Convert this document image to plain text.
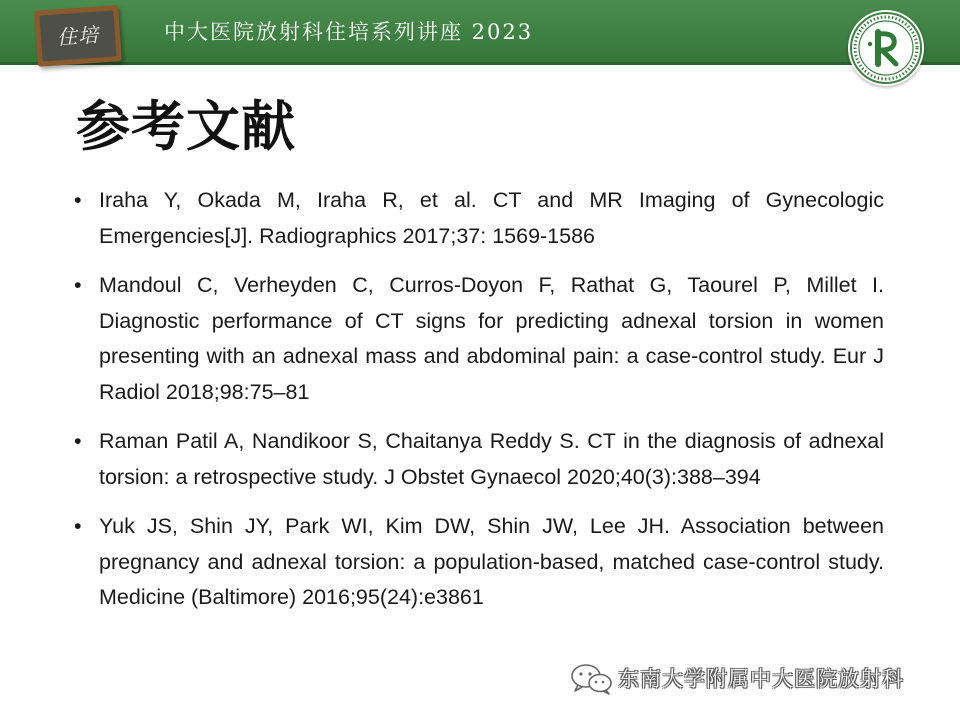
住培	中大医院放射科住培系列讲座 2023
参考文献
• Iraha Y, Okada M, Iraha R, et al. CT and MR Imaging of Gynecologic Emergencies[J]. Radiographics 2017;37: 1569-1586
• Mandoul C, Verheyden C, Curros-Doyon F, Rathat G, Taourel P, Millet I. Diagnostic performance of CT signs for predicting adnexal torsion in women presenting with an adnexal mass and abdominal pain: a case-control study. Eur J Radiol 2018;98:75–81
• Raman Patil A, Nandikoor S, Chaitanya Reddy S. CT in the diagnosis of adnexal torsion: a retrospective study. J Obstet Gynaecol 2020;40(3):388–394
• Yuk JS, Shin JY, Park WI, Kim DW, Shin JW, Lee JH. Association between pregnancy and adnexal torsion: a population-based, matched case-control study. Medicine (Baltimore) 2016;95(24):e3861
东南大学附属中大医院放射科
